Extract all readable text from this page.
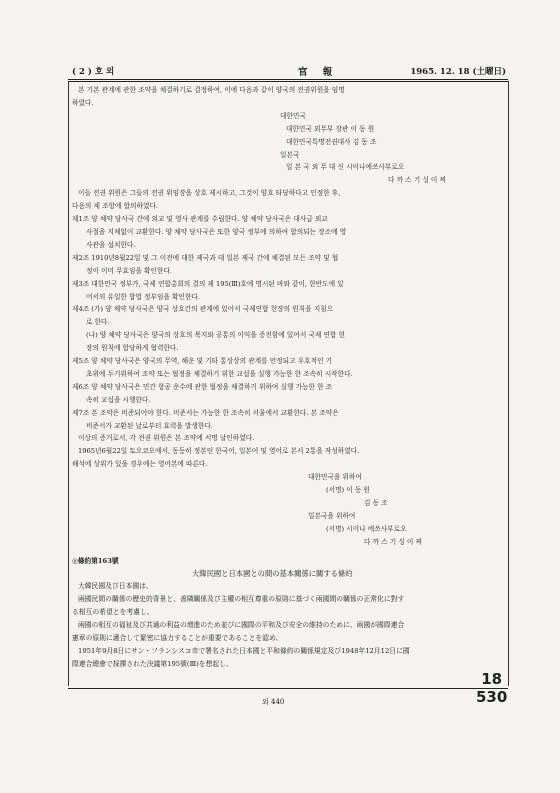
( 2 ) 호 외	官 報	1965. 12. 18 (土曜日)
본 기본 관계에 관한 조약을 체결하기로 결정하여, 이에 다음과 같이 양국의 전권위원을 임명
하였다.
대한민국
대한민국 외무부 장관 이 동 원
대한민국특명전권대사 김 동 조
일본국
일 본 국 외 무 대 신 시이나에쓰사부로오
다 까 스 기 싱 이 찌
이들 전권 위원은 그들의 전권 위임장을 상호 제시하고, 그것이 양호 타당하다고 인정한 후,
다음의 제 조항에 합의하였다.
제1조 양 체약 당사국 간에 외교 및 영사 관계를 수립한다. 양 체약 당사국은 대사급 외교
사절을 지체없이 교환한다. 양 체약 당사국은 또한 양국 정부에 의하여 합의되는 장소에 영
사관을 설치한다.
제2조 1910년8월22일 및 그 이전에 대한 제국과 대 일본 제국 간에 체결된 모든 조약 및 협
정이 이미 무효임을 확인한다.
제3조 대한민국 정부가, 국제 연합총회의 결의 제 195(Ⅲ)호에 명시된 바와 같이, 한반도에 있
어서의 유일한 합법 정부임을 확인한다.
제4조 (가) 양 체약 당사국은 양국 상호간의 관계에 있어서 국제연합 헌장의 원칙을 지침으
로 한다.
(나) 양 체약 당사국은 양국의 상호의 복지와 공통의 이익을 증진함에 있어서 국제 연합 헌
장의 원칙에 합당하게 협력한다.
제5조 양 체약 당사국은 양국의 무역, 해운 및 기타 통상상의 관계를 안정되고 우호적인 기
초위에 두기위하여 조약 또는 협정을 체결하기 위한 교섭을 실행 가능한 한 조속히 시작한다.
제6조 양 체약 당사국은 민간 항공 운수에 관한 협정을 체결하기 위하여 실행 가능한 한 조
속히 교섭을 시행한다.
제7조 본 조약은 비준되어야 한다. 비준서는 가능한 한 조속히 서울에서 교환한다. 본 조약은
비준서가 교환된 날로부터 효력을 발생한다.
이상의 증거로서, 각 전권 위원은 본 조약에 서명 날인하였다.
1965년6월22일 토오쿄오에서, 동등히 정본인 한국어, 일본어 및 영어로 본서 2통을 작성하였다.
해석에 상위가 있을 경우에는 영어본에 따른다.
대한민국을 위하여
(서명) 이 동 원
김 동 조
일본국을 위하여
(서명) 시이나 에쓰사부로오
다 까 스 기 싱 이 찌
◎條約第163號
大韓民國と日本國との間の基本關係に關する條約
大韓民國及び日本國は、
兩國民間の關係の歷史的背景と、善隣關係及び主權の相互尊重の原則に基づく兩國間の關係の正常化に對す
る相互の希望とを考慮し、
兩國の相互の福祉及び共通の利益の增進のため並びに國際の平和及び安全の維持のために、兩國が國際連合
憲章の原則に適合して緊密に協力することが重要であることを認め、
1951年9月8日にサン・フランシスコ市で署名された日本國と平和條約の關係規定及び1948年12月12日に國
際連合總會で採擇された決議第195號(Ⅲ)を想起し、
외 440
18
530
